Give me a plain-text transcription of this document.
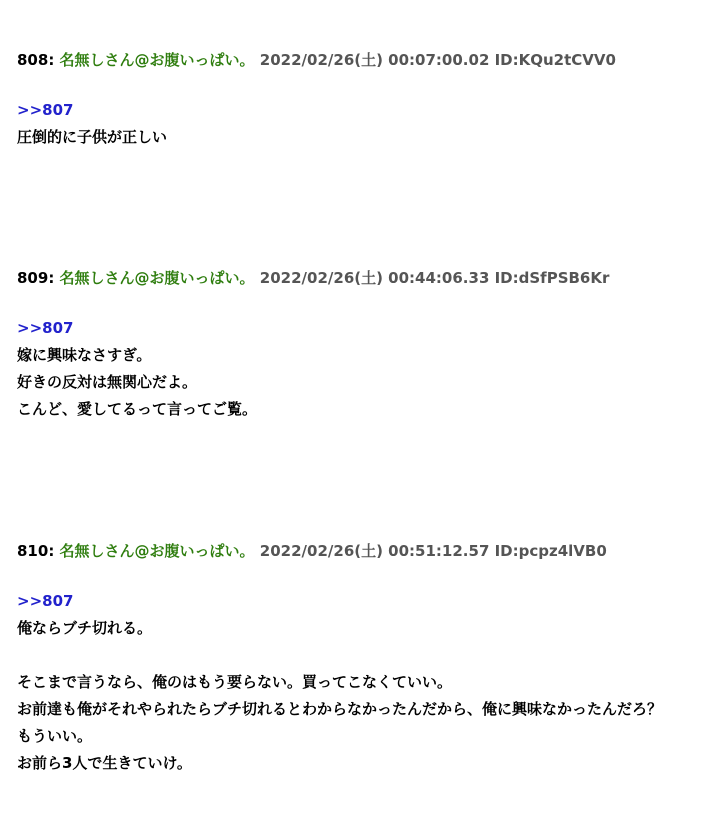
808: 名無しさん@お腹いっぱい。 2022/02/26(土) 00:07:00.02 ID:KQu2tCVV0
>>807
圧倒的に子供が正しい
809: 名無しさん@お腹いっぱい。 2022/02/26(土) 00:44:06.33 ID:dSfPSB6Kr
>>807
嫁に興味なさすぎ。
好きの反対は無関心だよ。
こんど、愛してるって言ってご覧。
810: 名無しさん@お腹いっぱい。 2022/02/26(土) 00:51:12.57 ID:pcpz4lVB0
>>807
俺ならブチ切れる。
そこまで言うなら、俺のはもう要らない。買ってこなくていい。
お前達も俺がそれやられたらブチ切れるとわからなかったんだから、俺に興味なかったんだろ？
もういい。
お前ら3人で生きていけ。
